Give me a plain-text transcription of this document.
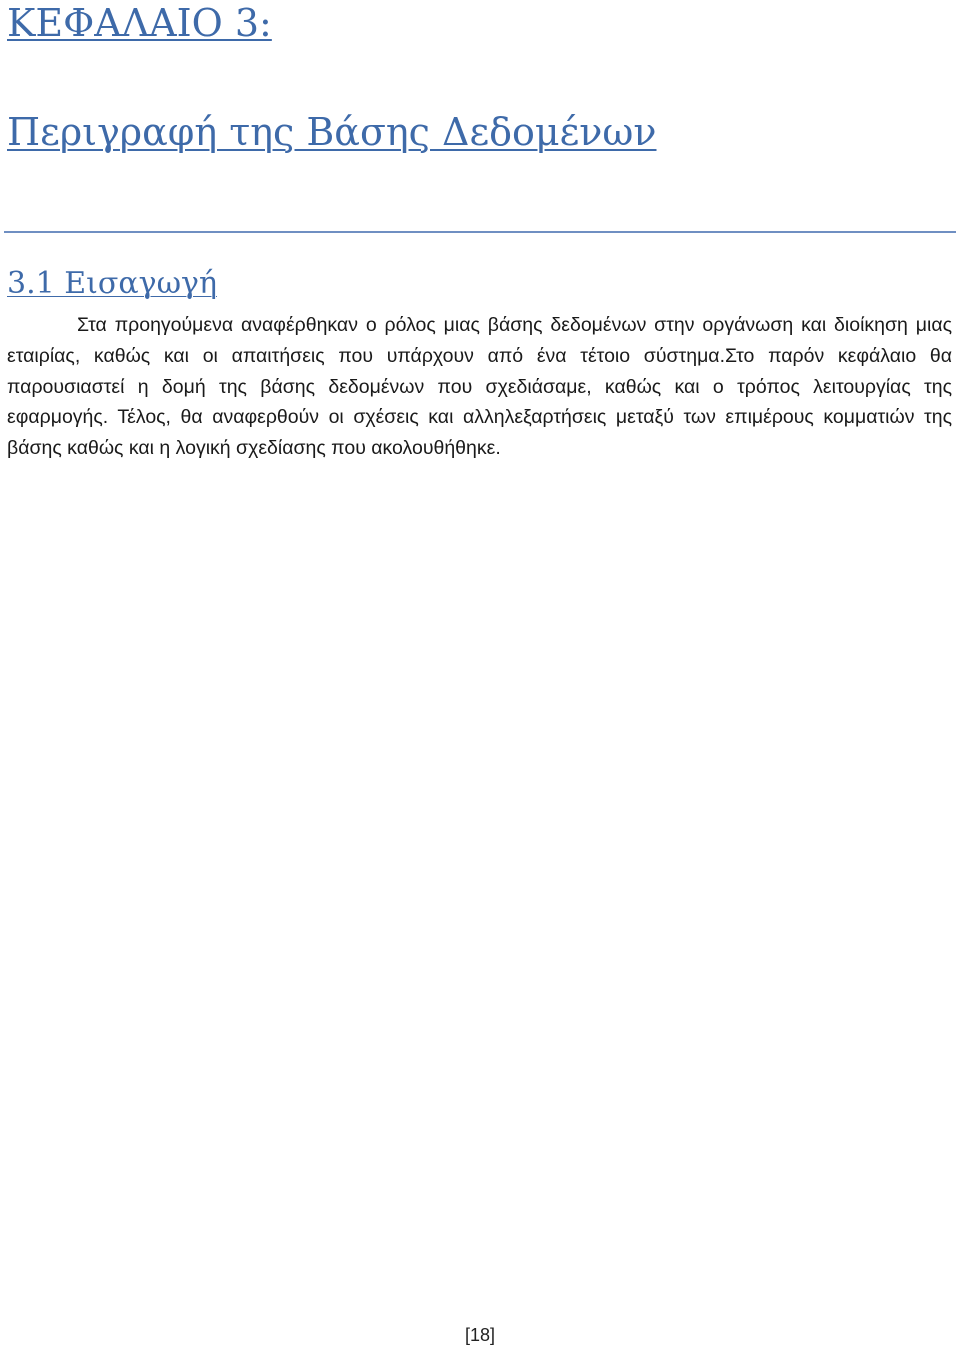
ΚΕΦΑΛΑΙΟ 3:
Περιγραφή της Βάσης Δεδομένων
3.1 Εισαγωγή

Στα προηγούμενα αναφέρθηκαν ο ρόλος μιας βάσης δεδομένων στην οργάνωση και διοίκηση μιας εταιρίας, καθώς και οι απαιτήσεις που υπάρχουν από ένα τέτοιο σύστημα.Στο παρόν κεφάλαιο θα παρουσιαστεί η δομή της βάσης δεδομένων που σχεδιάσαμε, καθώς και ο τρόπος λειτουργίας της εφαρμογής. Τέλος, θα αναφερθούν οι σχέσεις και αλληλεξαρτήσεις μεταξύ των επιμέρους κομματιών της βάσης καθώς και η λογική σχεδίασης που ακολουθήθηκε.

[18]
